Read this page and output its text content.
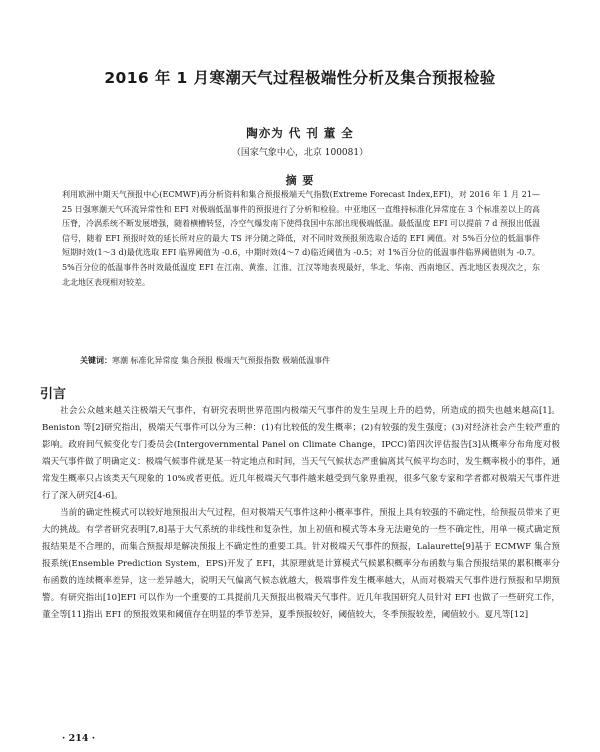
2016 年 1 月寒潮天气过程极端性分析及集合预报检验
陶亦为 代 刊 董 全
（国家气象中心，北京 100081）
摘 要

利用欧洲中期天气预报中心(ECMWF)再分析资料和集合预报极端天气指数(Extreme Forecast Index,EFI)，对 2016 年 1 月 21—25 日强寒潮天气环流异常性和 EFI 对极端低温事件的预报进行了分析和检验。中亚地区一直维持标准化异常度在 3 个标准差以上的高压脊，冷涡系统不断发展增强，随着横槽转竖，冷空气爆发南下使得我国中东部出现极端低温。最低温度 EFI 可以提前 7 d 预报出低温信号，随着 EFI 预报时效的延长所对应的最大 TS 评分随之降低，对不同时效预报须选取合适的 EFI 阈值。对 5%百分位的低温事件短期时效(1～3 d)最优选取 EFI 临界阈值为 -0.6，中期时效(4～7 d)临近阈值为 -0.5；对 1%百分位的低温事件临界阈值则为 -0.7。5%百分位的低温事件各时效最低温度 EFI 在江南、黄淮、江淮、江汉等地表现最好，华北、华南、西南地区、西北地区表现次之，东北北地区表现相对较差。

关键词：寒潮 标准化异常度 集合预报 极端天气预报指数 极端低温事件

引言

社会公众越来越关注极端天气事件，有研究表明世界范围内极端天气事件的发生呈现上升的趋势，所造成的损失也越来越高[1]。Beniston 等[2]研究指出，极端天气事件可以分为三种：(1)有比较低的发生概率；(2)有较强的发生强度；(3)对经济社会产生较严重的影响。政府间气候变化专门委员会(Intergovernmental Panel on Climate Change，IPCC)第四次评估报告[3]从概率分布角度对极端天气事件做了明确定义：极端气候事件就是某一特定地点和时间，当天气气候状态严重偏离其气候平均态时，发生概率极小的事件，通常发生概率只占该类天气现象的 10%或者更低。近几年极端天气事件越来越受到气象界重视，很多气象专家和学者都对极端天气事件进行了深入研究[4-6]。

当前的确定性模式可以较好地预报出大气过程，但对极端天气事件这种小概率事件，预报上具有较强的不确定性，给预报员带来了更大的挑战。有学者研究表明[7,8]基于大气系统的非线性和复杂性，加上初值和模式等本身无法避免的一些不确定性，用单一模式确定预报结果是不合理的，而集合预报却是解决预报上不确定性的重要工具。针对极端天气事件的预报，Lalaurette[9]基于 ECMWF 集合预报系统(Ensemble Prediction System，EPS)开发了 EFI，其原理就是计算模式气候累积概率分布函数与集合预报结果的累积概率分布函数的连续概率差异，这一差异越大，说明天气偏离气候态就越大，极端事件发生概率越大，从而对极端天气事件进行预报和早期预警。有研究指出[10]EFI 可以作为一个重要的工具提前几天预报出极端天气事件。近几年我国研究人员针对 EFI 也做了一些研究工作，董全等[11]指出 EFI 的预报效果和阈值存在明显的季节差异，夏季预报较好，阈值较大，冬季预报较差，阈值较小。夏凡等[12]

· 214 ·
